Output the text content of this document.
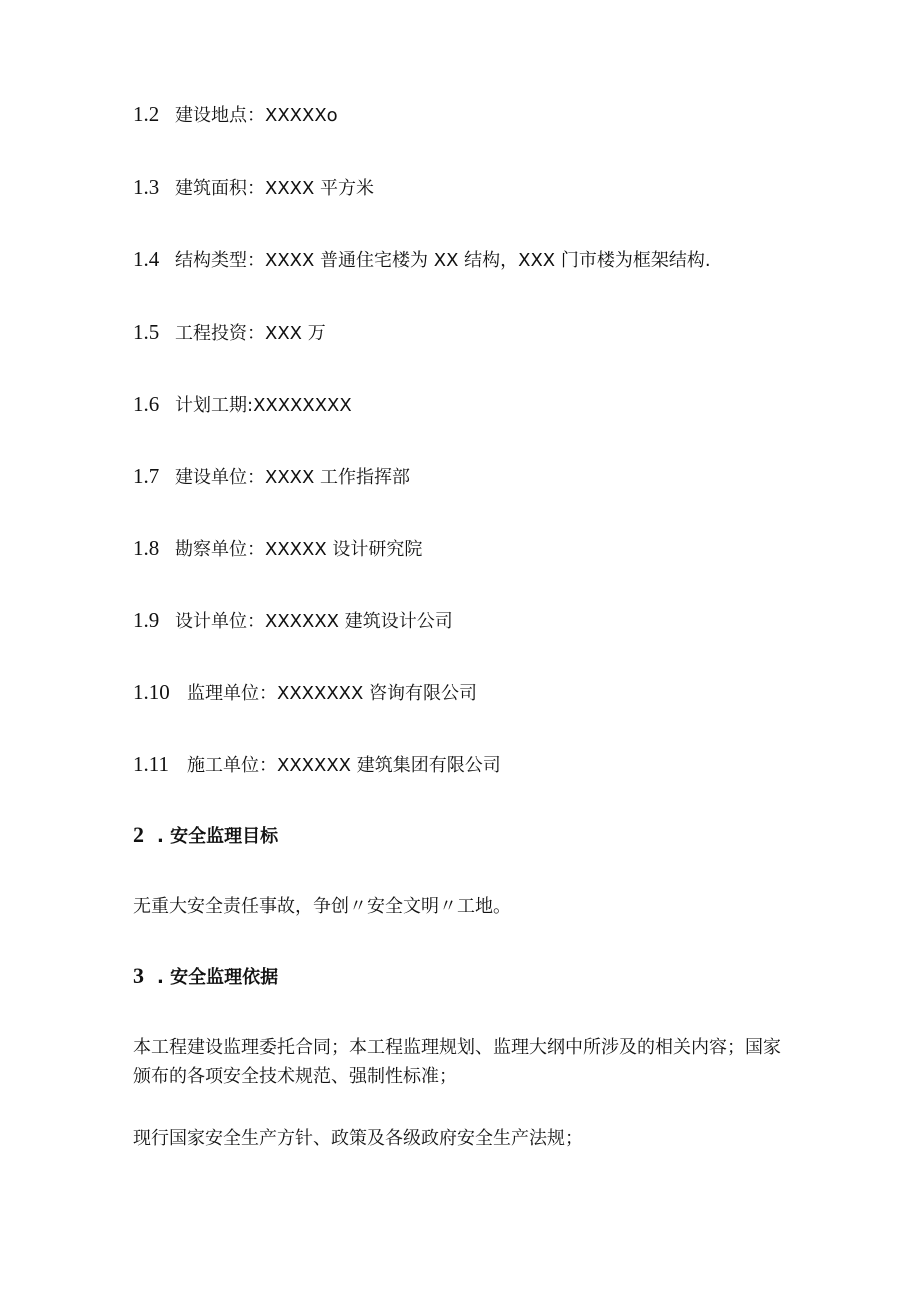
1.2 建设地点：XXXXXo
1.3 建筑面积：XXXX 平方米
1.4 结构类型：XXXX 普通住宅楼为 XX 结构，XXX 门市楼为框架结构.
1.5 工程投资：XXX 万
1.6 计划工期:XXXXXXXX
1.7 建设单位：XXXX 工作指挥部
1.8 勘察单位：XXXXX 设计研究院
1.9 设计单位：XXXXXX 建筑设计公司
1.10 监理单位：XXXXXXX 咨询有限公司
1.11 施工单位：XXXXXX 建筑集团有限公司
2 . 安全监理目标
无重大安全责任事故，争创〃安全文明〃工地。
3 . 安全监理依据
本工程建设监理委托合同；本工程监理规划、监理大纲中所涉及的相关内容；国家颁布的各项安全技术规范、强制性标准；
现行国家安全生产方针、政策及各级政府安全生产法规；
